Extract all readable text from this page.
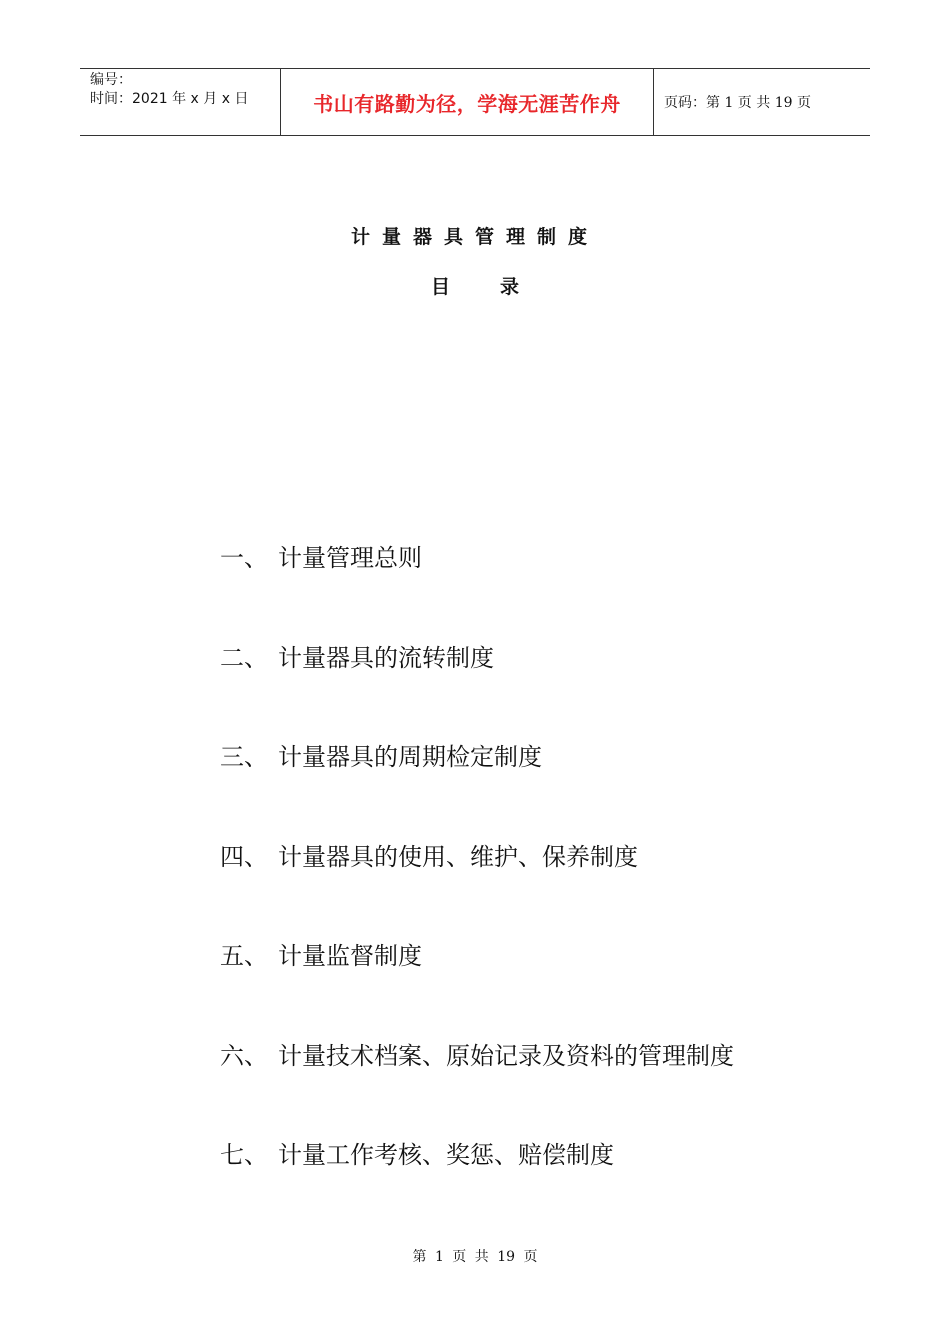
编号：
时间：2021 年 x 月 x 日	书山有路勤为径，学海无涯苦作舟	页码：第 1 页 共 19 页
计量器具管理制度
目录
一、 计量管理总则
二、 计量器具的流转制度
三、 计量器具的周期检定制度
四、 计量器具的使用、维护、保养制度
五、 计量监督制度
六、 计量技术档案、原始记录及资料的管理制度
七、 计量工作考核、奖惩、赔偿制度
第 1 页 共 19 页
